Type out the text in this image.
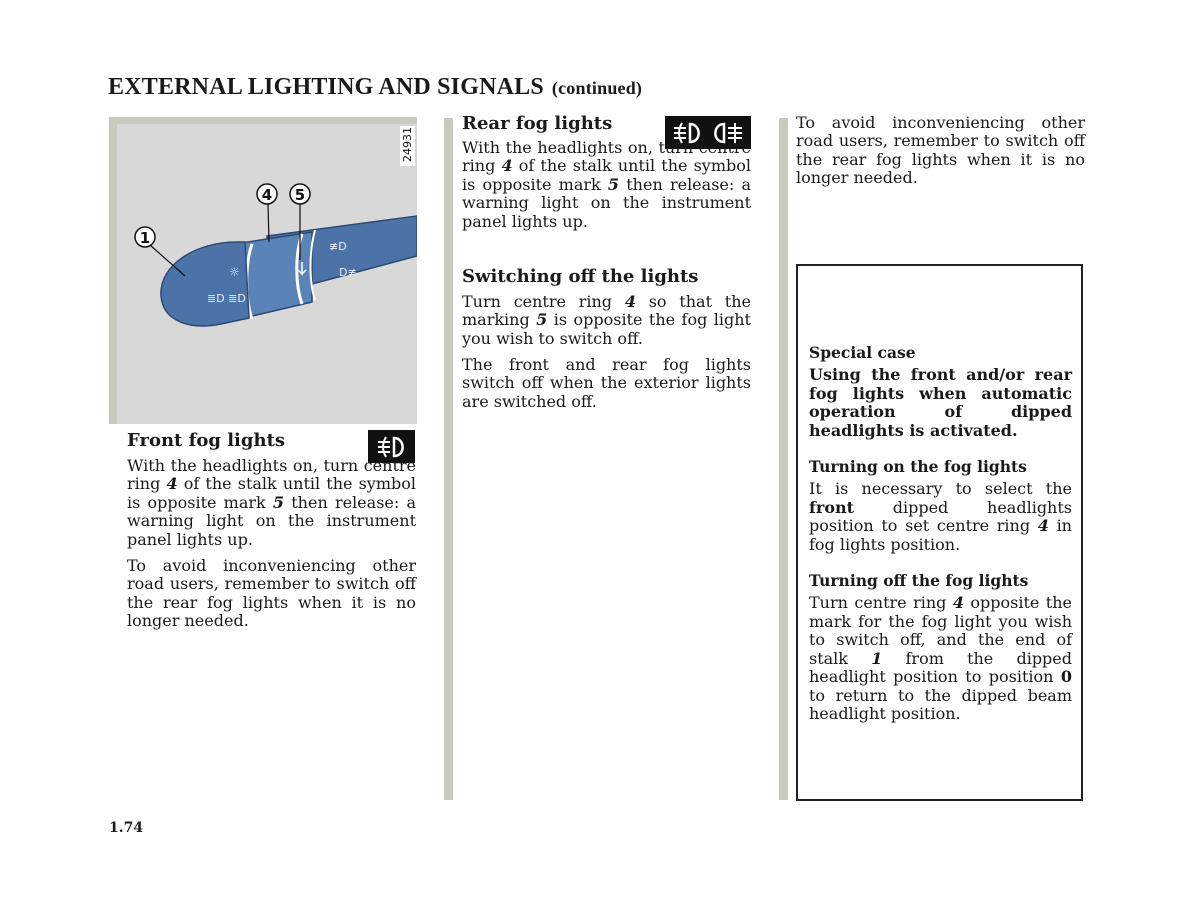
EXTERNAL LIGHTING AND SIGNALS (continued)
≣D ≣D
☼
≢D
D≢
1
4 5
24931
Front fog lights

With the headlights on, turn centre ring 4 of the stalk until the symbol is opposite mark 5 then release: a warning light on the instrument panel lights up.

To avoid inconveniencing other road users, remember to switch off the rear fog lights when it is no longer needed.

Rear fog lights

With the headlights on, turn centre ring 4 of the stalk until the symbol is opposite mark 5 then release: a warning light on the instrument panel lights up.

Switching off the lights

Turn centre ring 4 so that the marking 5 is opposite the fog light you wish to switch off.

The front and rear fog lights switch off when the exterior lights are switched off.

To avoid inconveniencing other road users, remember to switch off the rear fog lights when it is no longer needed.

Special case

Using the front and/or rear fog lights when automatic operation of dipped headlights is activated.

Turning on the fog lights

It is necessary to select the front dipped headlights position to set centre ring 4 in fog lights position.

Turning off the fog lights

Turn centre ring 4 opposite the mark for the fog light you wish to switch off, and the end of stalk 1 from the dipped headlight position to position 0 to return to the dipped beam headlight position.

1.74
